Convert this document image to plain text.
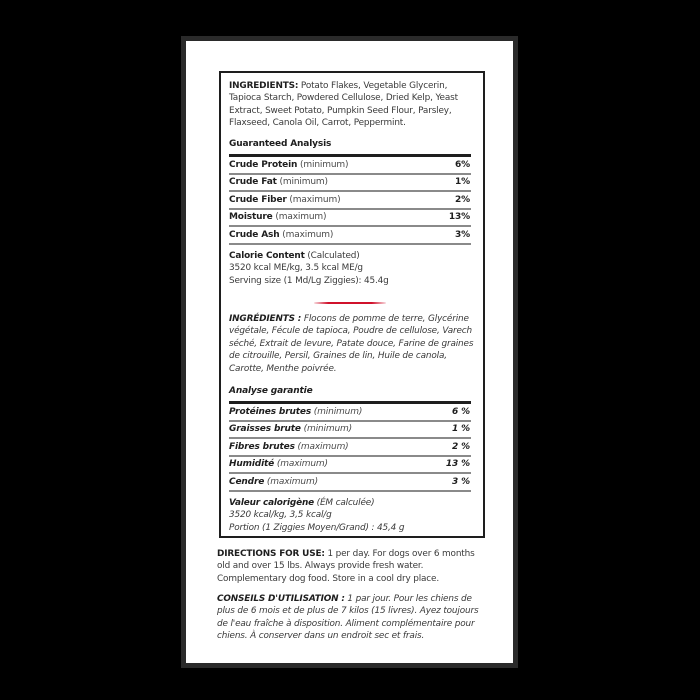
INGREDIENTS: Potato Flakes, Vegetable Glycerin, Tapioca Starch, Powdered Cellulose, Dried Kelp, Yeast Extract, Sweet Potato, Pumpkin Seed Flour, Parsley, Flaxseed, Canola Oil, Carrot, Peppermint.
Guaranteed Analysis
Crude Protein (minimum)	6%
Crude Fat (minimum)	1%
Crude Fiber (maximum)	2%
Moisture (maximum)	13%
Crude Ash (maximum)	3%
Calorie Content (Calculated)
3520 kcal ME/kg, 3.5 kcal ME/g
Serving size (1 Md/Lg Ziggies): 45.4g
INGRÉDIENTS : Flocons de pomme de terre, Glycérine végétale, Fécule de tapioca, Poudre de cellulose, Varech séché, Extrait de levure, Patate douce, Farine de graines de citrouille, Persil, Graines de lin, Huile de canola, Carotte, Menthe poivrée.
Analyse garantie
Protéines brutes (minimum)	6 %
Graisses brute (minimum)	1 %
Fibres brutes (maximum)	2 %
Humidité (maximum)	13 %
Cendre (maximum)	3 %
Valeur calorigène (ÉM calculée)
3520 kcal/kg, 3,5 kcal/g
Portion (1 Ziggies Moyen/Grand) : 45,4 g
DIRECTIONS FOR USE: 1 per day. For dogs over 6 months old and over 15 lbs. Always provide fresh water. Complementary dog food. Store in a cool dry place.
CONSEILS D'UTILISATION : 1 par jour. Pour les chiens de plus de 6 mois et de plus de 7 kilos (15 livres). Ayez toujours de l'eau fraîche à disposition. Aliment complémentaire pour chiens. À conserver dans un endroit sec et frais.
